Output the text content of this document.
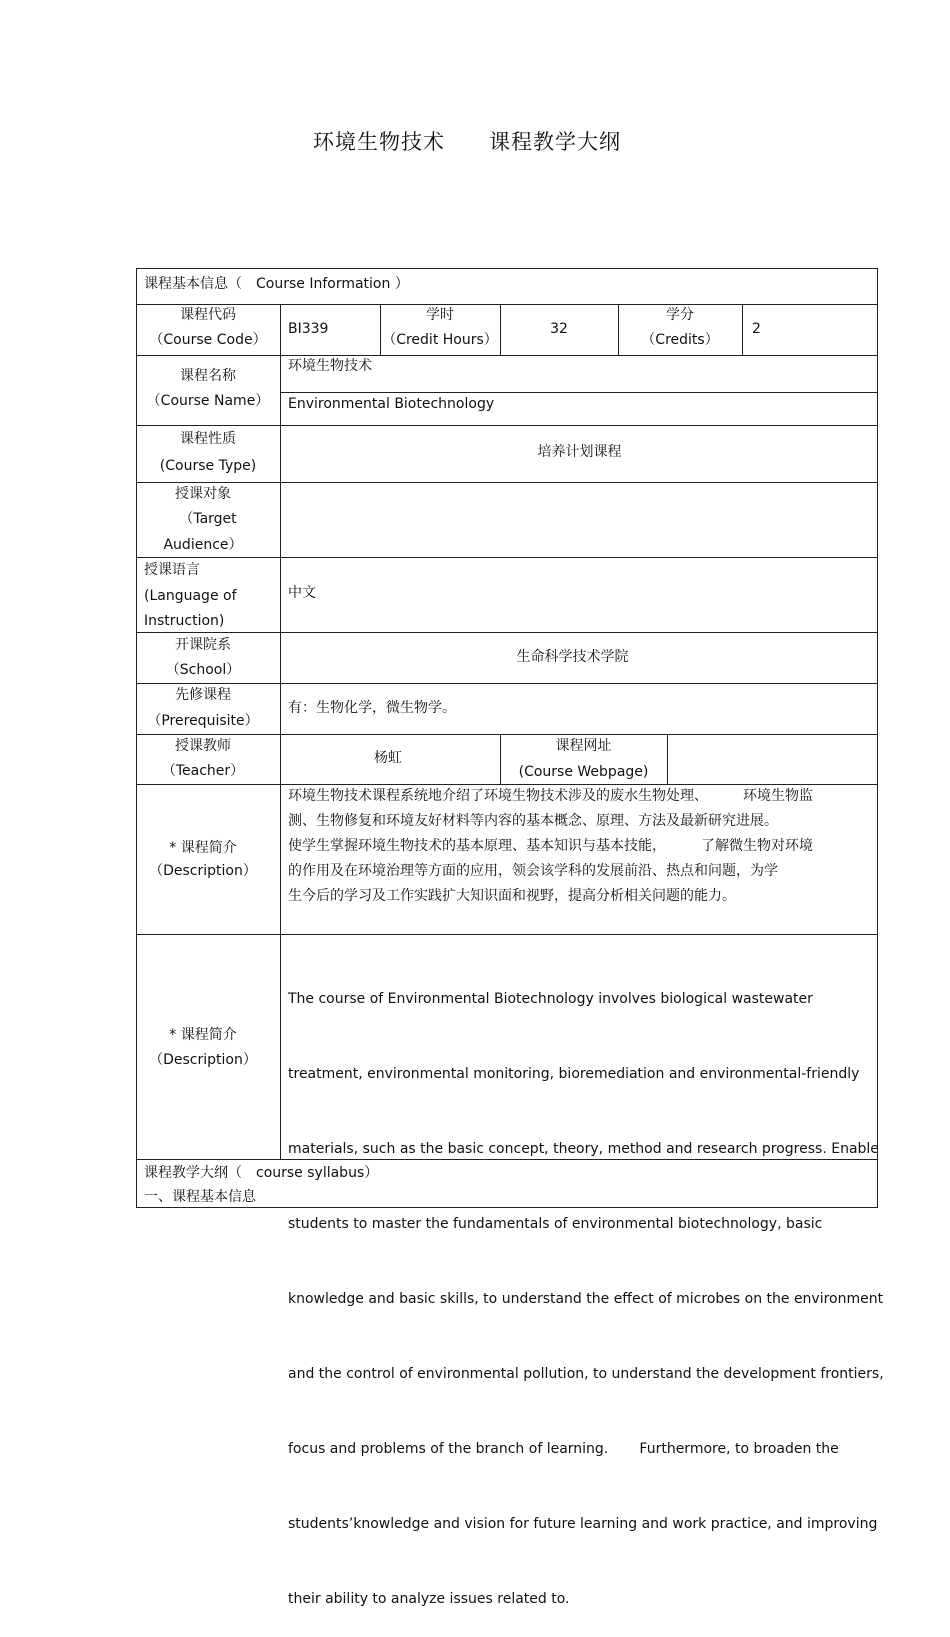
环境生物技术 课程教学大纲
课程基本信息（　Course Information ）
课程代码
（Course Code）
BI339
学时
（Credit Hours）
32
学分
（Credits）
2
课程名称
（Course Name）
环境生物技术
Environmental Biotechnology
课程性质
(Course Type)
培养计划课程
授课对象
（Target
Audience）
授课语言
(Language of
Instruction)
中文
开课院系
（School）
生命科学技术学院
先修课程
（Prerequisite）
有：生物化学，微生物学。
授课教师
（Teacher）
杨虹
课程网址
(Course Webpage)
* 课程简介
（Description）
环境生物技术课程系统地介绍了环境生物技术涉及的废水生物处理、　　　环境生物监
测、生物修复和环境友好材料等内容的基本概念、原理、方法及最新研究进展。
使学生掌握环境生物技术的基本原理、基本知识与基本技能，　　　了解微生物对环境
的作用及在环境治理等方面的应用，领会该学科的发展前沿、热点和问题，为学
生今后的学习及工作实践扩大知识面和视野，提高分析相关问题的能力。
* 课程简介
（Description）

The course of Environmental Biotechnology involves biological wastewater

treatment, environmental monitoring, bioremediation and environmental-friendly

materials, such as the basic concept, theory, method and research progress. Enable

students to master the fundamentals of environmental biotechnology, basic

knowledge and basic skills, to understand the effect of microbes on the environment

and the control of environmental pollution, to understand the development frontiers,

focus and problems of the branch of learning.       Furthermore, to broaden the

students’knowledge and vision for future learning and work practice, and improving

their ability to analyze issues related to.

课程教学大纲（　course syllabus）
一、课程基本信息
